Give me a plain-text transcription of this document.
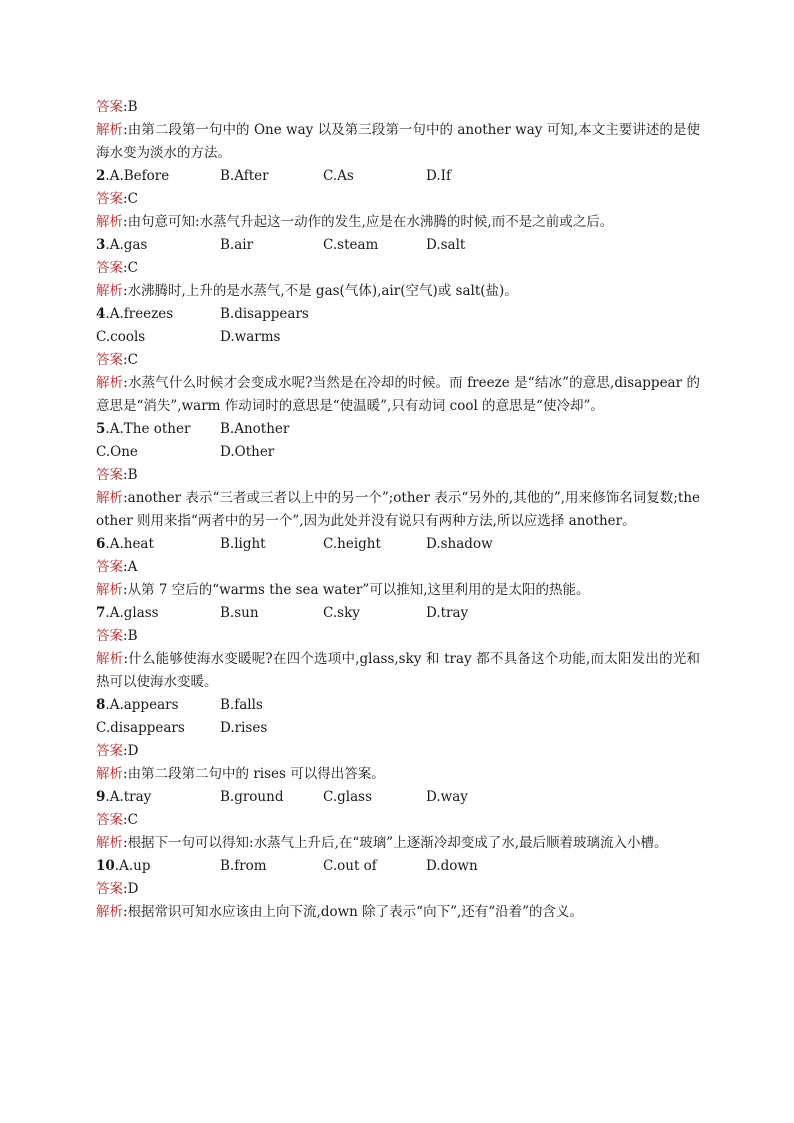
答案:B
解析:由第二段第一句中的 One way 以及第三段第一句中的 another way 可知,本文主要讲述的是使海水变为淡水的方法。
2.A.Before	B.After	C.As	D.If
答案:C
解析:由句意可知:水蒸气升起这一动作的发生,应是在水沸腾的时候,而不是之前或之后。
3.A.gas	B.air	C.steam	D.salt
答案:C
解析:水沸腾时,上升的是水蒸气,不是 gas(气体),air(空气)或 salt(盐)。
4.A.freezes	B.disappears
C.cools	D.warms
答案:C
解析:水蒸气什么时候才会变成水呢?当然是在冷却的时候。而 freeze 是“结冰”的意思,disappear 的意思是“消失”,warm 作动词时的意思是“使温暖”,只有动词 cool 的意思是“使冷却”。
5.A.The other B.Another
C.One	D.Other
答案:B
解析:another 表示“三者或三者以上中的另一个”;other 表示“另外的,其他的”,用来修饰名词复数;the other 则用来指“两者中的另一个”,因为此处并没有说只有两种方法,所以应选择 another。
6.A.heat	B.light	C.height	D.shadow
答案:A
解析:从第 7 空后的“warms the sea water”可以推知,这里利用的是太阳的热能。
7.A.glass	B.sun	C.sky	D.tray
答案:B
解析:什么能够使海水变暖呢?在四个选项中,glass,sky 和 tray 都不具备这个功能,而太阳发出的光和热可以使海水变暖。
8.A.appears	B.falls
C.disappears	D.rises
答案:D
解析:由第二段第二句中的 rises 可以得出答案。
9.A.tray	B.ground	C.glass	D.way
答案:C
解析:根据下一句可以得知:水蒸气上升后,在“玻璃”上逐渐冷却变成了水,最后顺着玻璃流入小槽。
10.A.up	B.from	C.out of	D.down
答案:D
解析:根据常识可知水应该由上向下流,down 除了表示“向下”,还有“沿着”的含义。
